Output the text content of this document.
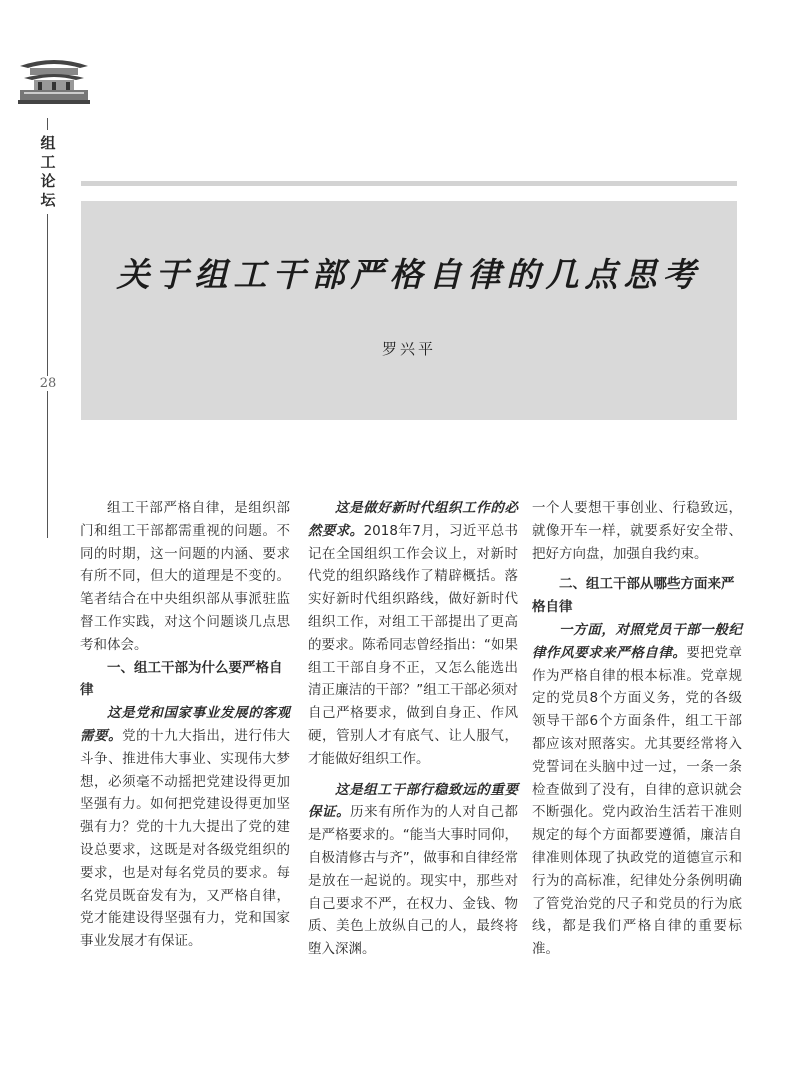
组
工
论
坛
28
关于组工干部严格自律的几点思考
罗兴平

组工干部严格自律，是组织部门和组工干部都需重视的问题。不同的时期，这一问题的内涵、要求有所不同，但大的道理是不变的。笔者结合在中央组织部从事派驻监督工作实践，对这个问题谈几点思考和体会。

一、组工干部为什么要严格自律

这是党和国家事业发展的客观需要。党的十九大指出，进行伟大斗争、推进伟大事业、实现伟大梦想，必须毫不动摇把党建设得更加坚强有力。如何把党建设得更加坚强有力？党的十九大提出了党的建设总要求，这既是对各级党组织的要求，也是对每名党员的要求。每名党员既奋发有为，又严格自律，党才能建设得坚强有力，党和国家事业发展才有保证。

这是做好新时代组织工作的必然要求。2018年7月，习近平总书记在全国组织工作会议上，对新时代党的组织路线作了精辟概括。落实好新时代组织路线，做好新时代组织工作，对组工干部提出了更高的要求。陈希同志曾经指出：“如果组工干部自身不正，又怎么能选出清正廉洁的干部？”组工干部必须对自己严格要求，做到自身正、作风硬，管别人才有底气、让人服气，才能做好组织工作。

这是组工干部行稳致远的重要保证。历来有所作为的人对自己都是严格要求的。“能当大事时同仰，自极清修古与齐”，做事和自律经常是放在一起说的。现实中，那些对自己要求不严，在权力、金钱、物质、美色上放纵自己的人，最终将堕入深渊。

一个人要想干事创业、行稳致远，就像开车一样，就要系好安全带、把好方向盘，加强自我约束。

二、组工干部从哪些方面来严格自律

一方面，对照党员干部一般纪律作风要求来严格自律。要把党章作为严格自律的根本标准。党章规定的党员8个方面义务，党的各级领导干部6个方面条件，组工干部都应该对照落实。尤其要经常将入党誓词在头脑中过一过，一条一条检查做到了没有，自律的意识就会不断强化。党内政治生活若干准则规定的每个方面都要遵循，廉洁自律准则体现了执政党的道德宣示和行为的高标准，纪律处分条例明确了管党治党的尺子和党员的行为底线，都是我们严格自律的重要标准。
